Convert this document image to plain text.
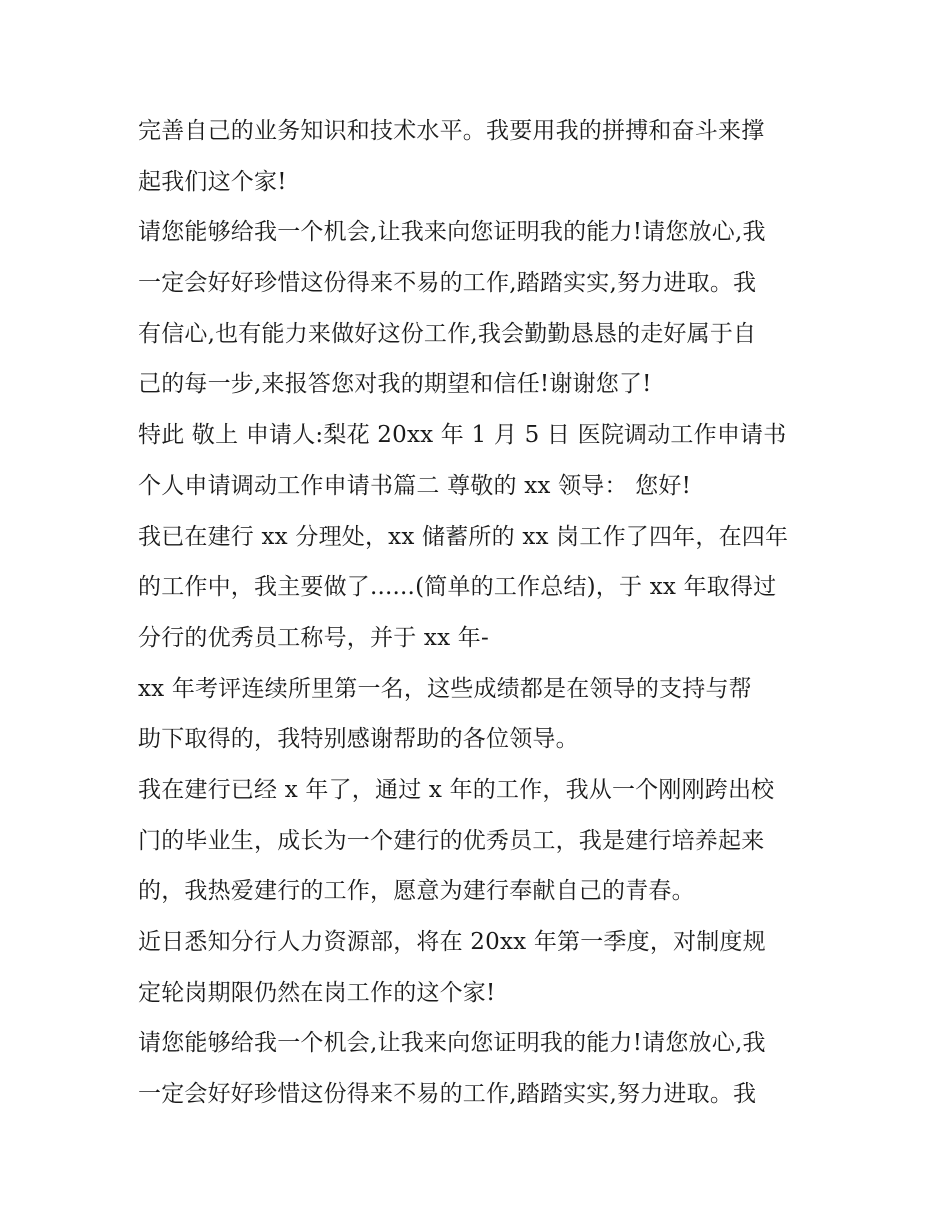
完善自己的业务知识和技术水平。我要用我的拼搏和奋斗来撑
起我们这个家!
请您能够给我一个机会,让我来向您证明我的能力!请您放心,我
一定会好好珍惜这份得来不易的工作,踏踏实实,努力进取。我
有信心,也有能力来做好这份工作,我会勤勤恳恳的走好属于自
己的每一步,来报答您对我的期望和信任!谢谢您了!
特此 敬上 申请人:梨花 20xx 年 1 月 5 日 医院调动工作申请书
个人申请调动工作申请书篇二 尊敬的 xx 领导： 您好!
我已在建行 xx 分理处，xx 储蓄所的 xx 岗工作了四年，在四年
的工作中，我主要做了......(简单的工作总结)，于 xx 年取得过
分行的优秀员工称号，并于 xx 年-
xx 年考评连续所里第一名，这些成绩都是在领导的支持与帮
助下取得的，我特别感谢帮助的各位领导。
我在建行已经 x 年了，通过 x 年的工作，我从一个刚刚跨出校
门的毕业生，成长为一个建行的优秀员工，我是建行培养起来
的，我热爱建行的工作，愿意为建行奉献自己的青春。
近日悉知分行人力资源部，将在 20xx 年第一季度，对制度规
定轮岗期限仍然在岗工作的这个家!
请您能够给我一个机会,让我来向您证明我的能力!请您放心,我
一定会好好珍惜这份得来不易的工作,踏踏实实,努力进取。我
